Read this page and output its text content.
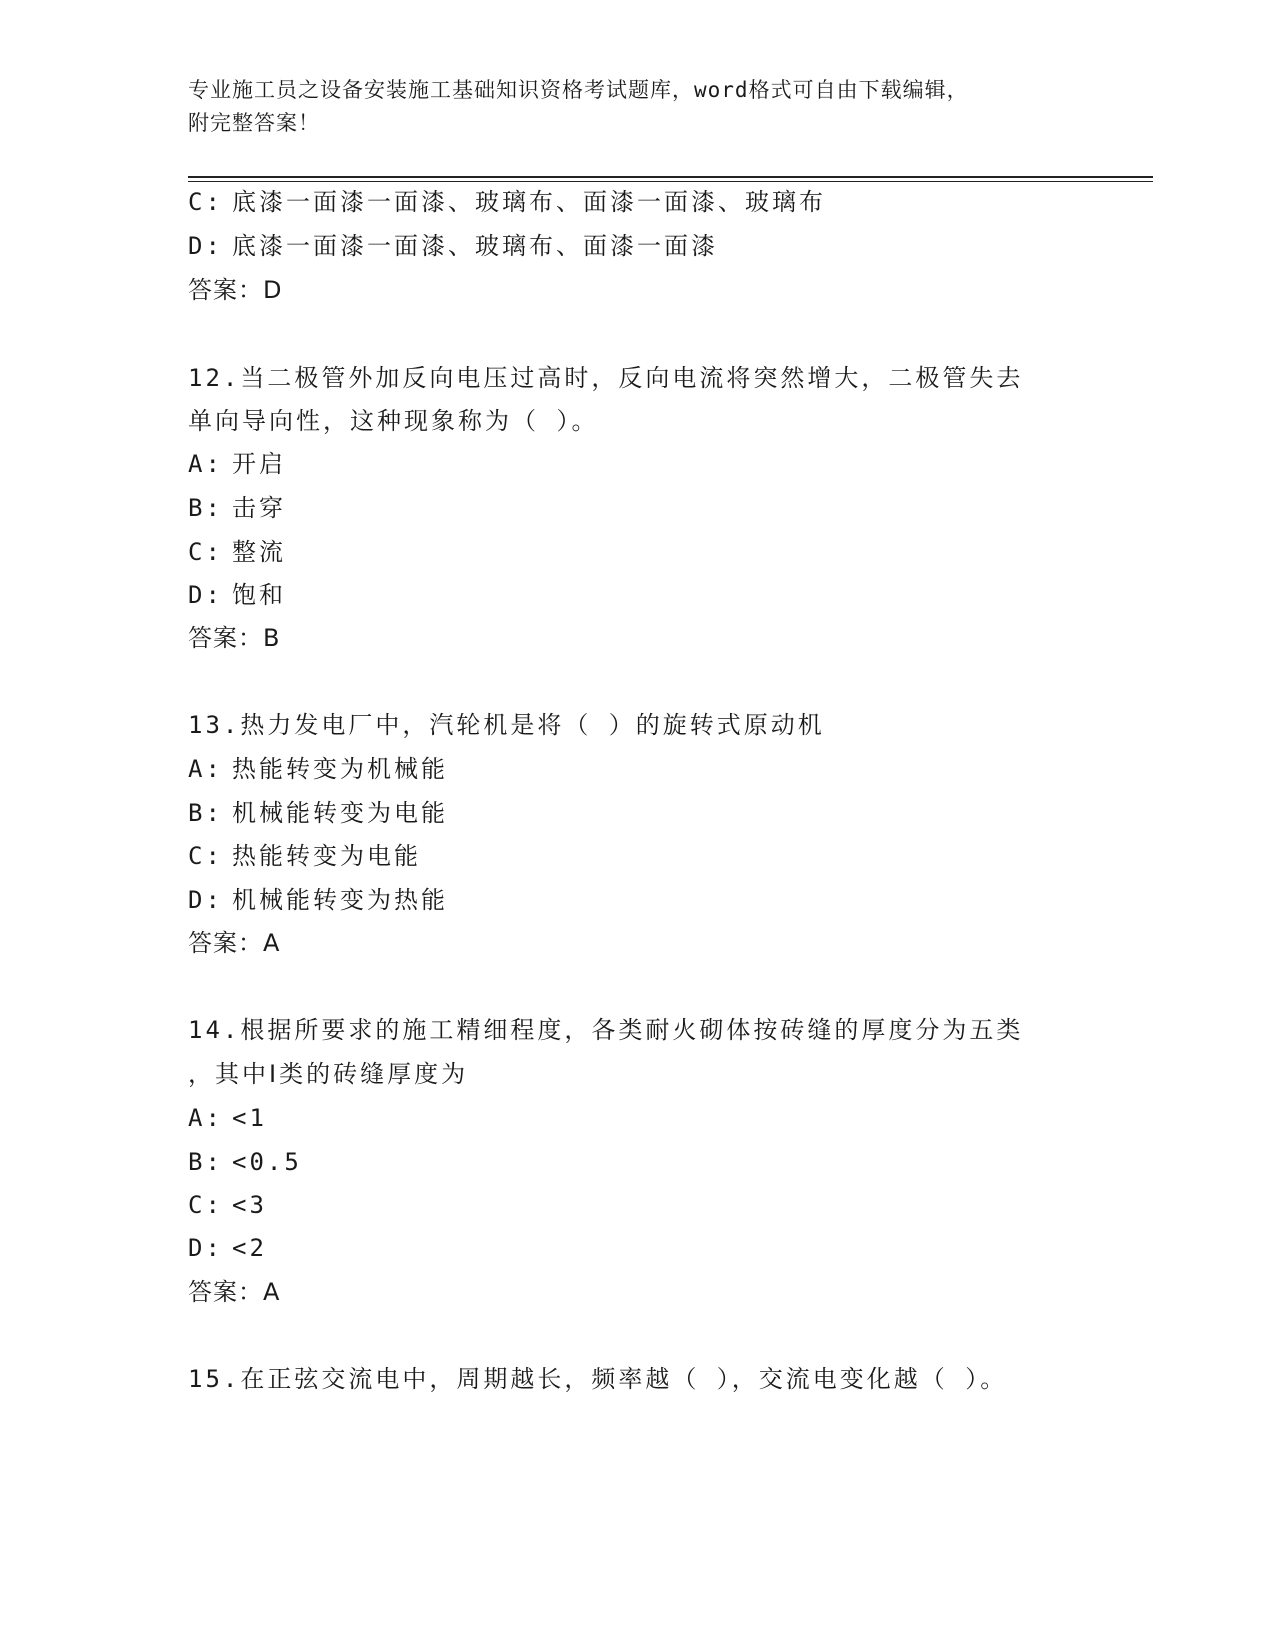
专业施工员之设备安装施工基础知识资格考试题库，word格式可自由下载编辑，
附完整答案！
C: 底漆一面漆一面漆、玻璃布、面漆一面漆、玻璃布
D: 底漆一面漆一面漆、玻璃布、面漆一面漆
答案：D
12.当二极管外加反向电压过高时，反向电流将突然增大，二极管失去
单向导向性，这种现象称为（ ）。
A: 开启
B: 击穿
C: 整流
D: 饱和
答案：B
13.热力发电厂中，汽轮机是将（ ）的旋转式原动机
A: 热能转变为机械能
B: 机械能转变为电能
C: 热能转变为电能
D: 机械能转变为热能
答案：A
14.根据所要求的施工精细程度，各类耐火砌体按砖缝的厚度分为五类
，其中Ⅰ类的砖缝厚度为
A: <1
B: <0.5
C: <3
D: <2
答案：A
15.在正弦交流电中，周期越长，频率越（ ），交流电变化越（ ）。
